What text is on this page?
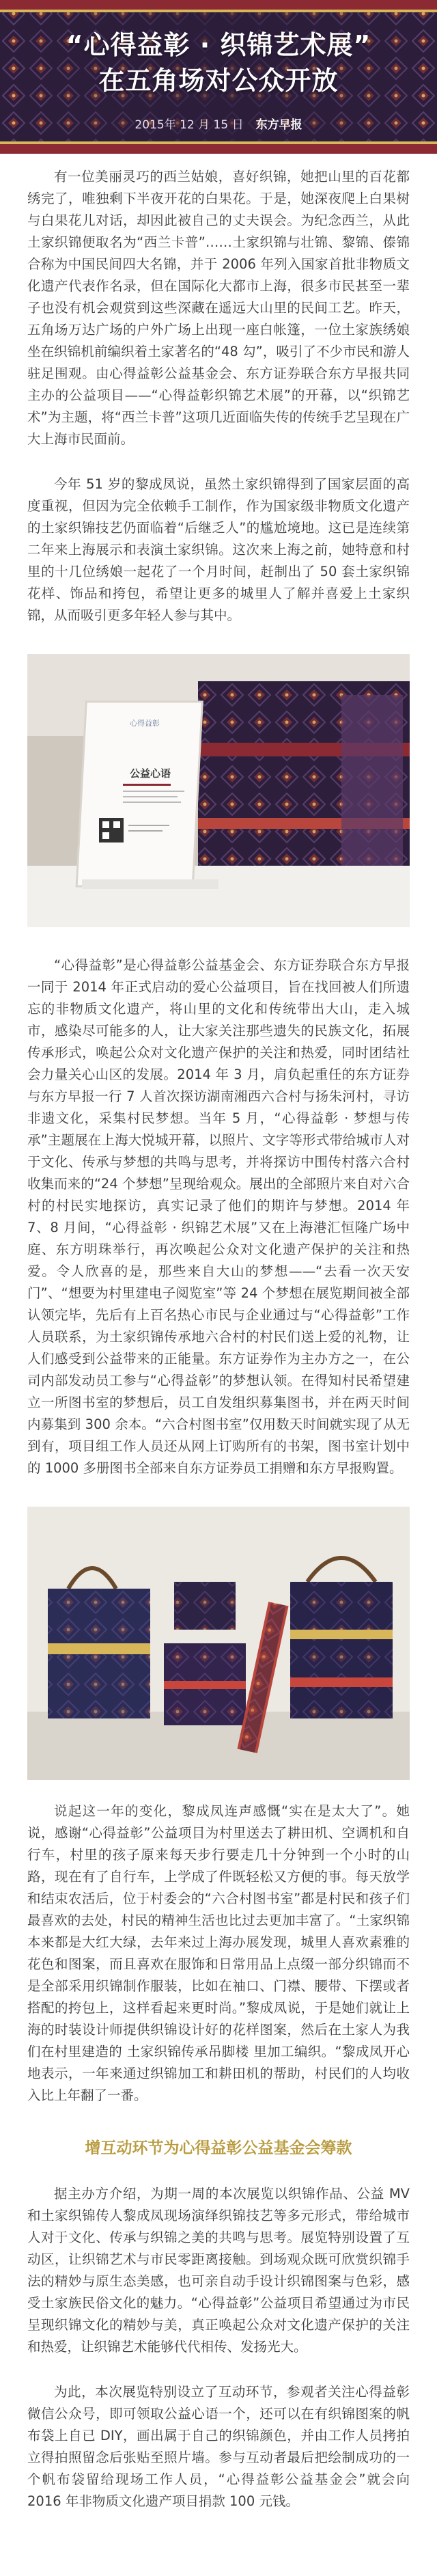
“心得益彰 · 织锦艺术展”
在五角场对公众开放
2015年 12 月 15 日 东方早报

有一位美丽灵巧的西兰姑娘，喜好织锦，她把山里的百花都绣完了，唯独剩下半夜开花的白果花。于是，她深夜爬上白果树与白果花儿对话，却因此被自己的丈夫误会。为纪念西兰，从此土家织锦便取名为“西兰卡普”……土家织锦与壮锦、黎锦、傣锦合称为中国民间四大名锦，并于 2006 年列入国家首批非物质文化遗产代表作名录，但在国际化大都市上海，很多市民甚至一辈子也没有机会观赏到这些深藏在遥远大山里的民间工艺。昨天，五角场万达广场的户外广场上出现一座白帐篷，一位土家族绣娘坐在织锦机前编织着土家著名的“48 勾”，吸引了不少市民和游人驻足围观。由心得益彰公益基金会、东方证券联合东方早报共同主办的公益项目——“心得益彰织锦艺术展”的开幕，以“织锦艺术”为主题，将“西兰卡普”这项几近面临失传的传统手艺呈现在广大上海市民面前。

今年 51 岁的黎成凤说，虽然土家织锦得到了国家层面的高度重视，但因为完全依赖手工制作，作为国家级非物质文化遗产的土家织锦技艺仍面临着“后继乏人”的尴尬境地。这已是连续第二年来上海展示和表演土家织锦。这次来上海之前，她特意和村里的十几位绣娘一起花了一个月时间，赶制出了 50 套土家织锦花样、饰品和挎包，希望让更多的城里人了解并喜爱上土家织锦，从而吸引更多年轻人参与其中。

心得益彰
公益心语

“心得益彰”是心得益彰公益基金会、东方证券联合东方早报一同于 2014 年正式启动的爱心公益项目，旨在找回被人们所遗忘的非物质文化遗产，将山里的文化和传统带出大山，走入城市，感染尽可能多的人，让大家关注那些遗失的民族文化，拓展传承形式，唤起公众对文化遗产保护的关注和热爱，同时团结社会力量关心山区的发展。2014 年 3 月，肩负起重任的东方证券与东方早报一行 7 人首次探访湖南湘西六合村与扬朱河村，寻访非遗文化，采集村民梦想。当年 5 月，“心得益彰 · 梦想与传承”主题展在上海大悦城开幕，以照片、文字等形式带给城市人对于文化、传承与梦想的共鸣与思考，并将探访中围传村落六合村收集而来的“24 个梦想”呈现给观众。展出的全部照片来自对六合村的村民实地探访，真实记录了他们的期许与梦想。2014 年 7、8 月间，“心得益彰 · 织锦艺术展”又在上海港汇恒隆广场中庭、东方明珠举行，再次唤起公众对文化遗产保护的关注和热爱。令人欣喜的是，那些来自大山的梦想——“去看一次天安门”、“想要为村里建电子阅览室”等 24 个梦想在展览期间被全部认领完毕，先后有上百名热心市民与企业通过与“心得益彰”工作人员联系，为土家织锦传承地六合村的村民们送上爱的礼物，让人们感受到公益带来的正能量。东方证券作为主办方之一，在公司内部发动员工参与“心得益彰”的梦想认领。在得知村民希望建立一所图书室的梦想后，员工自发组织募集图书，并在两天时间内募集到 300 余本。“六合村图书室”仅用数天时间就实现了从无到有，项目组工作人员还从网上订购所有的书架，图书室计划中的 1000 多册图书全部来自东方证券员工捐赠和东方早报购置。

说起这一年的变化，黎成凤连声感慨“实在是太大了”。她说，感谢“心得益彰”公益项目为村里送去了耕田机、空调机和自行车，村里的孩子原来每天步行要走几十分钟到一个小时的山路，现在有了自行车，上学成了件既轻松又方便的事。每天放学和结束农活后，位于村委会的“六合村图书室”都是村民和孩子们最喜欢的去处，村民的精神生活也比过去更加丰富了。“土家织锦本来都是大红大绿，去年来过上海办展发现，城里人喜欢素雅的花色和图案，而且喜欢在服饰和日常用品上点缀一部分织锦而不是全部采用织锦制作服装，比如在袖口、门襟、腰带、下摆或者搭配的挎包上，这样看起来更时尚。”黎成凤说，于是她们就让上海的时装设计师提供织锦设计好的花样图案，然后在土家人为我们在村里建造的 土家织锦传承吊脚楼 里加工编织。“黎成凤开心地表示，一年来通过织锦加工和耕田机的帮助，村民们的人均收入比上年翻了一番。

增互动环节为心得益彰公益基金会筹款

据主办方介绍，为期一周的本次展览以织锦作品、公益 MV 和土家织锦传人黎成凤现场演绎织锦技艺等多元形式，带给城市人对于文化、传承与织锦之美的共鸣与思考。展览特别设置了互动区，让织锦艺术与市民零距离接触。到场观众既可欣赏织锦手法的精妙与原生态美感，也可亲自动手设计织锦图案与色彩，感受土家族民俗文化的魅力。“心得益彰”公益项目希望通过为市民呈现织锦文化的精妙与美，真正唤起公众对文化遗产保护的关注和热爱，让织锦艺术能够代代相传、发扬光大。

为此，本次展览特别设立了互动环节，参观者关注心得益彰微信公众号，即可领取公益心语一个，还可以在有织锦图案的帆布袋上自已 DIY，画出属于自己的织锦颜色，并由工作人员拷拍立得拍照留念后张贴至照片墙。参与互动者最后把绘制成功的一个帆布袋留给现场工作人员，“心得益彰公益基金会”就会向 2016 年非物质文化遗产项目捐款 100 元钱。
